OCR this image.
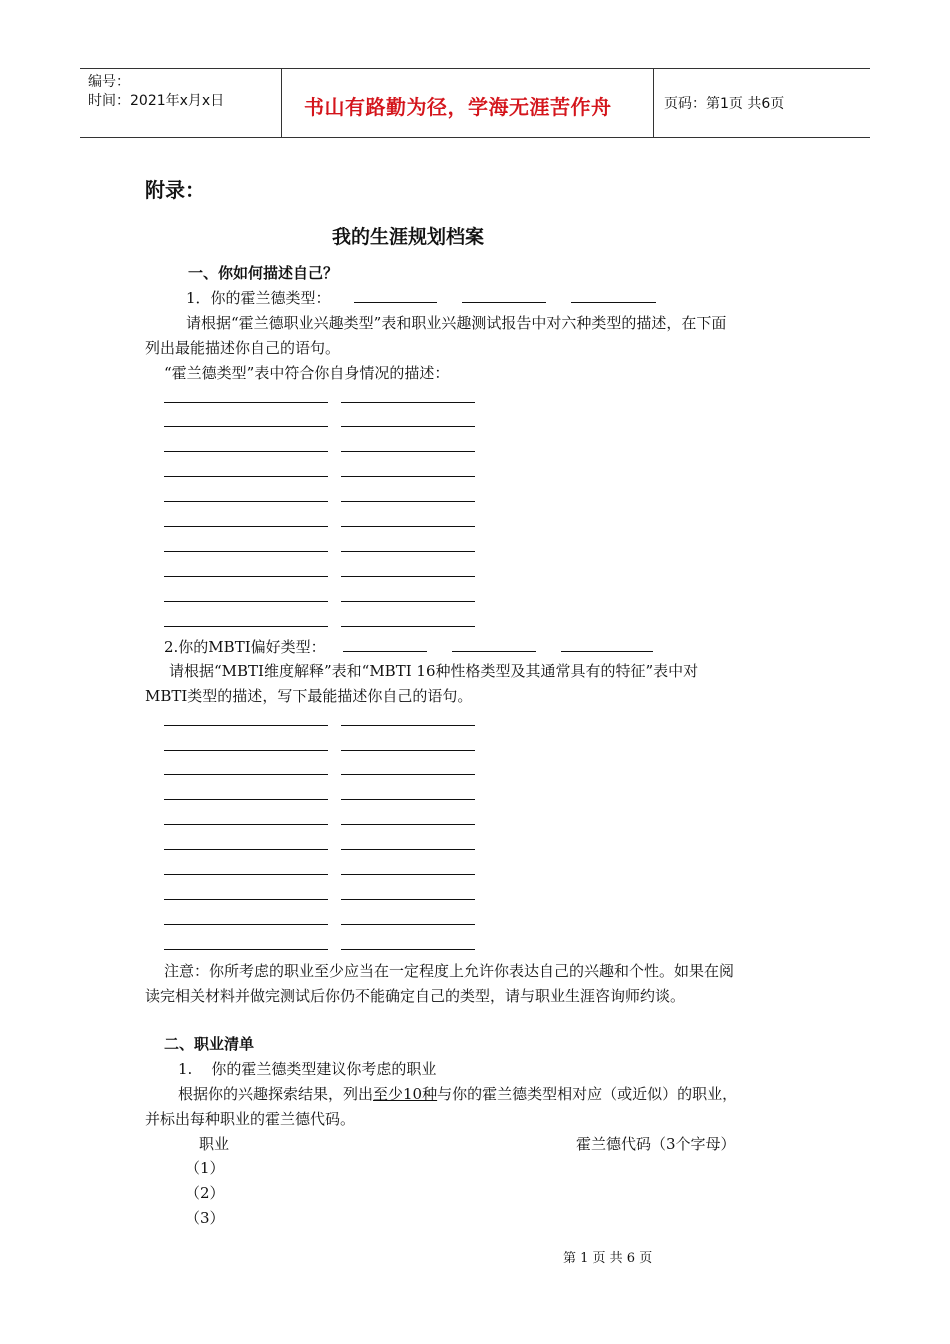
编号：
时间：2021年x月x日	书山有路勤为径，学海无涯苦作舟	页码：第1页 共6页
附录：
我的生涯规划档案
一、你如何描述自己？
1．你的霍兰德类型：
请根据“霍兰德职业兴趣类型”表和职业兴趣测试报告中对六种类型的描述，在下面
列出最能描述你自己的语句。
“霍兰德类型”表中符合你自身情况的描述：
2.你的MBTI偏好类型：
请根据“MBTI维度解释”表和“MBTI 16种性格类型及其通常具有的特征”表中对
MBTI类型的描述，写下最能描述你自己的语句。
注意：你所考虑的职业至少应当在一定程度上允许你表达自己的兴趣和个性。如果在阅
读完相关材料并做完测试后你仍不能确定自己的类型，请与职业生涯咨询师约谈。
二、职业清单
1.    你的霍兰德类型建议你考虑的职业
根据你的兴趣探索结果，列出至少10种与你的霍兰德类型相对应（或近似）的职业，
并标出每种职业的霍兰德代码。
职业	霍兰德代码（3个字母）
（1）
（2）
（3）
第 1 页 共 6 页
